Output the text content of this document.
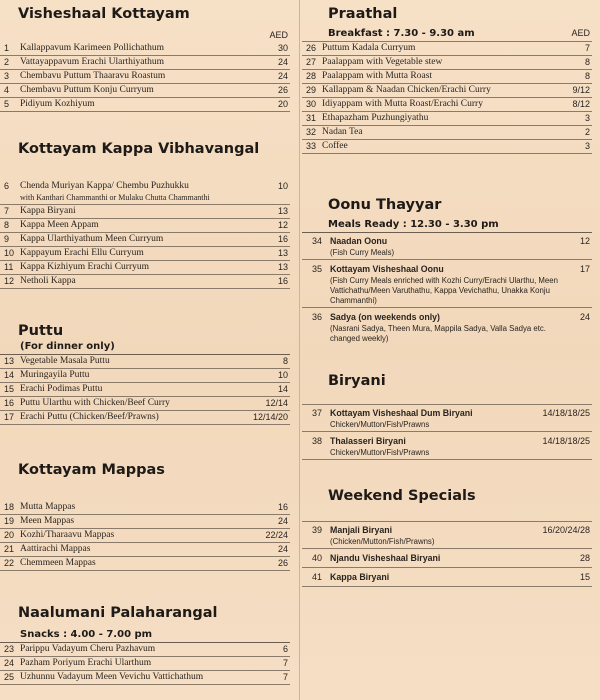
Visheshaal Kottayam
AED
1	Kallappavum Karimeen Pollichathum	30
2	Vattayappavum Erachi Ularthiyathum	24
3	Chembavu Puttum Thaaravu Roastum	24
4	Chembavu Puttum Konju Curryum	26
5	Pidiyum Kozhiyum	20
Kottayam Kappa Vibhavangal
6	Chenda Muriyan Kappa/ Chembu Puzhukku
with Kanthari Chammanthi or Mulaku Chutta Chammanthi
10
7	Kappa Biryani	13
8	Kappa Meen Appam	12
9	Kappa Ularthiyathum Meen Curryum	16
10 Kappayum Erachi Ellu Curryum	13
11 Kappa Kizhiyum Erachi Curryum	13
12 Netholi Kappa	16
Puttu
(For dinner only)
13 Vegetable Masala Puttu	8
14 Muringayila Puttu	10
15 Erachi Podimas Puttu	14
16 Puttu Ularthu with Chicken/Beef Curry	12/14
17 Erachi Puttu (Chicken/Beef/Prawns)	12/14/20
Kottayam Mappas
18 Mutta Mappas	16
19 Meen Mappas	24
20 Kozhi/Tharaavu Mappas	22/24
21 Aattirachi Mappas	24
22 Chemmeen Mappas	26
Naalumani Palaharangal
Snacks : 4.00 - 7.00 pm
23 Parippu Vadayum Cheru Pazhavum	6
24 Pazham Poriyum Erachi Ularthum	7
25 Uzhunnu Vadayum Meen Vevichu Vattichathum	7
Praathal
Breakfast : 7.30 - 9.30 am	AED
26 Puttum Kadala Curryum	7
27 Paalappam with Vegetable stew	8
28 Paalappam with Mutta Roast	8
29 Kallappam & Naadan Chicken/Erachi Curry	9/12
30 Idiyappam with Mutta Roast/Erachi Curry	8/12
31 Ethapazham Puzhungiyathu	3
32 Nadan Tea	2
33 Coffee	3
Oonu Thayyar
Meals Ready : 12.30 - 3.30 pm
34 Naadan Oonu
(Fish Curry Meals)
12
35 Kottayam Visheshaal Oonu
(Fish Curry Meals enriched with Kozhi Curry/Erachi Ularthu, Meen Vattichathu/Meen Varuthathu, Kappa Vevichathu, Unakka Konju Chammanthi)
17
36 Sadya (on weekends only)
(Nasrani Sadya, Theen Mura, Mappila Sadya, Valla Sadya etc. changed weekly)
24
Biryani
37 Kottayam Visheshaal Dum Biryani
Chicken/Mutton/Fish/Prawns
14/18/18/25
38 Thalasseri Biryani
Chicken/Mutton/Fish/Prawns
14/18/18/25
Weekend Specials
39 Manjali Biryani
(Chicken/Mutton/Fish/Prawns)
16/20/24/28
40 Njandu Visheshaal Biryani	28
41 Kappa Biryani	15
